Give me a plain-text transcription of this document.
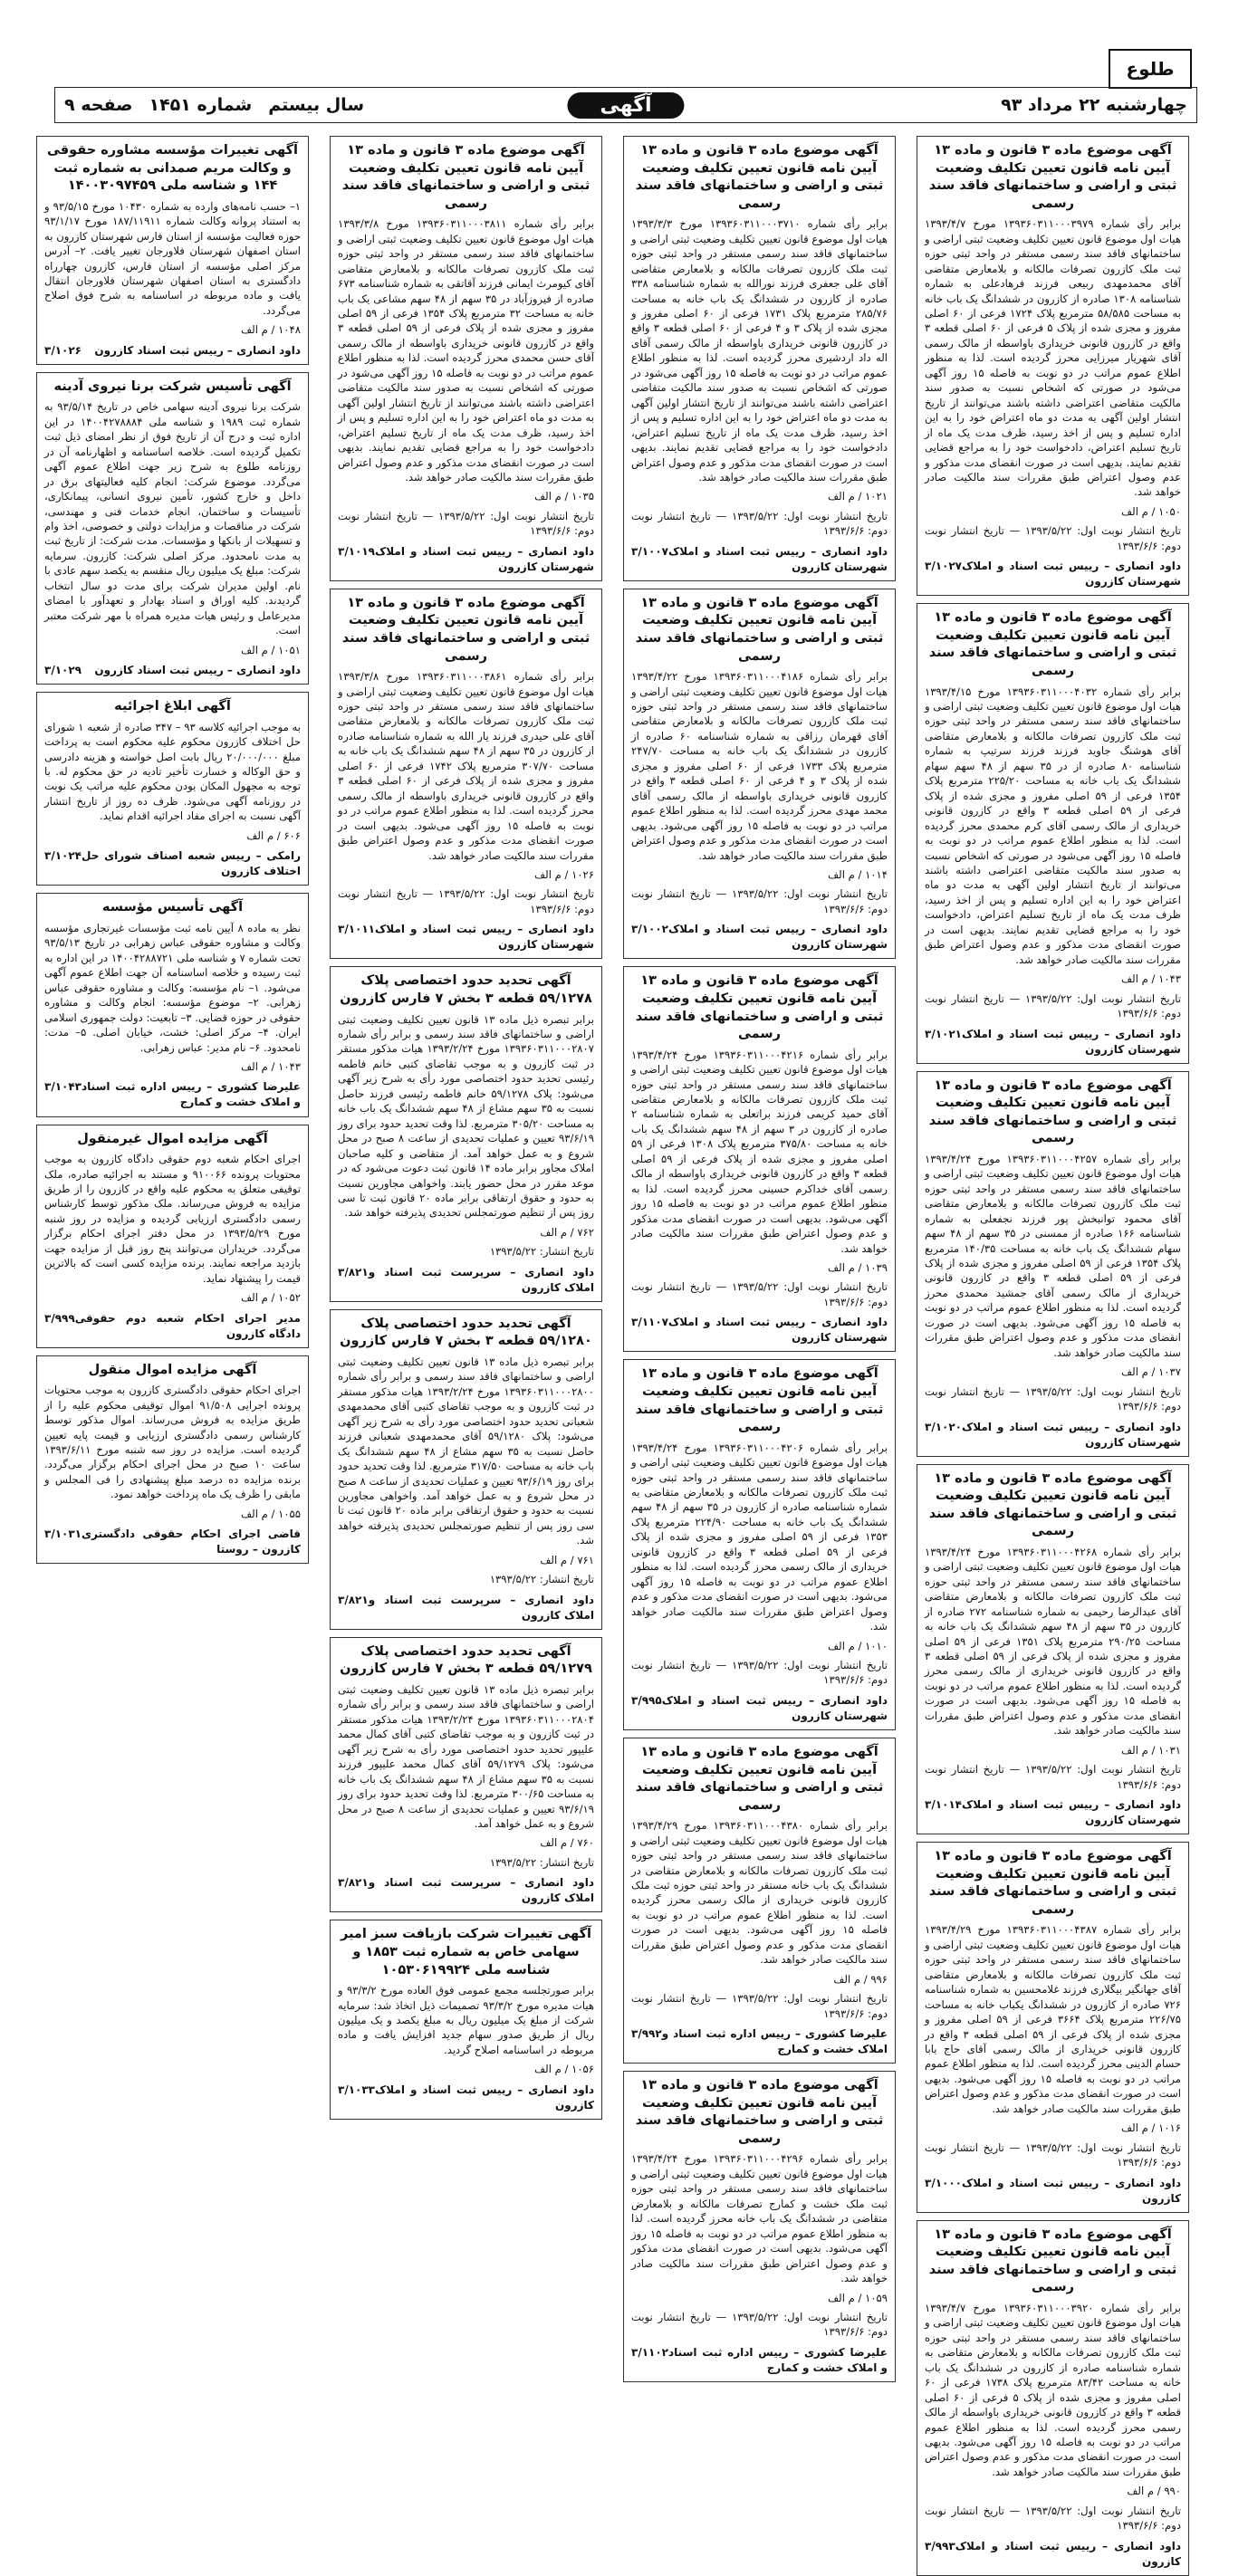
طلوع
چهارشنبه ۲۲ مرداد ۹۳
آگهی
سال بیستم
شماره ۱۴۵۱
صفحه ۹
آگهی موضوع ماده ۳ قانون و ماده ۱۳ آیین نامه قانون تعیین تکلیف وضعیت ثبتی و اراضی و ساختمانهای فاقد سند رسمی
برابر رأی شماره ۱۳۹۳۶۰۳۱۱۰۰۰۳۹۷۹ مورخ ۱۳۹۳/۴/۷ هیات اول موضوع قانون تعیین تکلیف وضعیت ثبتی اراضی و ساختمانهای فاقد سند رسمی مستقر در واحد ثبتی حوزه ثبت ملک کازرون تصرفات مالکانه و بلامعارض متقاضی آقای محمدمهدی ربیعی فرزند فرهادعلی به شماره شناسنامه ۱۳۰۸ صادره از کازرون در ششدانگ یک باب خانه به مساحت ۵۸/۵۸۵ مترمربع پلاک ۱۷۲۴ فرعی از ۶۰ اصلی مفروز و مجزی شده از پلاک ۵ فرعی از ۶۰ اصلی قطعه ۳ واقع در کازرون قانونی خریداری باواسطه از مالک رسمی آقای شهریار میرزایی محرز گردیده است. لذا به منظور اطلاع عموم مراتب در دو نوبت به فاصله ۱۵ روز آگهی می‌شود در صورتی که اشخاص نسبت به صدور سند مالکیت متقاضی اعتراضی داشته باشند می‌توانند از تاریخ انتشار اولین آگهی به مدت دو ماه اعتراض خود را به این اداره تسلیم و پس از اخذ رسید، ظرف مدت یک ماه از تاریخ تسلیم اعتراض، دادخواست خود را به مراجع قضایی تقدیم نمایند. بدیهی است در صورت انقضای مدت مذکور و عدم وصول اعتراض طبق مقررات سند مالکیت صادر خواهد شد.
۱۰۵۰ / م الف
تاریخ انتشار نوبت اول: ۱۳۹۳/۵/۲۲ — تاریخ انتشار نوبت دوم: ۱۳۹۳/۶/۶
داود انصاری – رییس ثبت اسناد و املاک شهرستان کازرون
۳/۱۰۲۷
آگهی موضوع ماده ۳ قانون و ماده ۱۳ آیین نامه قانون تعیین تکلیف وضعیت ثبتی و اراضی و ساختمانهای فاقد سند رسمی
برابر رأی شماره ۱۳۹۳۶۰۳۱۱۰۰۰۴۰۳۲ مورخ ۱۳۹۳/۴/۱۵ هیات اول موضوع قانون تعیین تکلیف وضعیت ثبتی اراضی و ساختمانهای فاقد سند رسمی مستقر در واحد ثبتی حوزه ثبت ملک کازرون تصرفات مالکانه و بلامعارض متقاضی آقای هوشنگ جاوید فرزند فرزند سرتیپ به شماره شناسنامه ۸۰ صادره از در ۳۵ سهم از ۴۸ سهم سهام ششدانگ یک باب خانه به مساحت ۲۲۵/۲۰ مترمربع پلاک ۱۳۵۴ فرعی از ۵۹ اصلی مفروز و مجزی شده از پلاک فرعی از ۵۹ اصلی قطعه ۳ واقع در کازرون قانونی خریداری از مالک رسمی آقای کرم محمدی محرز گردیده است. لذا به منظور اطلاع عموم مراتب در دو نوبت به فاصله ۱۵ روز آگهی می‌شود در صورتی که اشخاص نسبت به صدور سند مالکیت متقاضی اعتراضی داشته باشند می‌توانند از تاریخ انتشار اولین آگهی به مدت دو ماه اعتراض خود را به این اداره تسلیم و پس از اخذ رسید، ظرف مدت یک ماه از تاریخ تسلیم اعتراض، دادخواست خود را به مراجع قضایی تقدیم نمایند. بدیهی است در صورت انقضای مدت مذکور و عدم وصول اعتراض طبق مقررات سند مالکیت صادر خواهد شد.
۱۰۴۳ / م الف
تاریخ انتشار نوبت اول: ۱۳۹۳/۵/۲۲ — تاریخ انتشار نوبت دوم: ۱۳۹۳/۶/۶
داود انصاری – رییس ثبت اسناد و املاک شهرستان کازرون
۳/۱۰۲۱
آگهی موضوع ماده ۳ قانون و ماده ۱۳ آیین نامه قانون تعیین تکلیف وضعیت ثبتی و اراضی و ساختمانهای فاقد سند رسمی
برابر رأی شماره ۱۳۹۳۶۰۳۱۱۰۰۰۴۲۵۷ مورخ ۱۳۹۳/۴/۲۴ هیات اول موضوع قانون تعیین تکلیف وضعیت ثبتی اراضی و ساختمانهای فاقد سند رسمی مستقر در واحد ثبتی حوزه ثبت ملک کازرون تصرفات مالکانه و بلامعارض متقاضی آقای محمود توانبخش پور فرزند نجفعلی به شماره شناسنامه ۱۶۶ صادره از ممسنی در ۳۵ سهم از ۴۸ سهم سهام ششدانگ یک باب خانه به مساحت ۱۴۰/۳۵ مترمربع پلاک ۱۳۵۴ فرعی از ۵۹ اصلی مفروز و مجزی شده از پلاک فرعی از ۵۹ اصلی قطعه ۳ واقع در کازرون قانونی خریداری از مالک رسمی آقای جمشید محمدی محرز گردیده است. لذا به منظور اطلاع عموم مراتب در دو نوبت به فاصله ۱۵ روز آگهی می‌شود. بدیهی است در صورت انقضای مدت مذکور و عدم وصول اعتراض طبق مقررات سند مالکیت صادر خواهد شد.
۱۰۳۷ / م الف
تاریخ انتشار نوبت اول: ۱۳۹۳/۵/۲۲ — تاریخ انتشار نوبت دوم: ۱۳۹۳/۶/۶
داود انصاری – رییس ثبت اسناد و املاک شهرستان کازرون
۳/۱۰۲۰
آگهی موضوع ماده ۳ قانون و ماده ۱۳ آیین نامه قانون تعیین تکلیف وضعیت ثبتی و اراضی و ساختمانهای فاقد سند رسمی
برابر رأی شماره ۱۳۹۳۶۰۳۱۱۰۰۰۴۲۶۸ مورخ ۱۳۹۳/۴/۲۴ هیات اول موضوع قانون تعیین تکلیف وضعیت ثبتی اراضی و ساختمانهای فاقد سند رسمی مستقر در واحد ثبتی حوزه ثبت ملک کازرون تصرفات مالکانه و بلامعارض متقاضی آقای عبدالرضا رحیمی به شماره شناسنامه ۲۷۲ صادره از کازرون در ۳۵ سهم از ۴۸ سهم ششدانگ یک باب خانه به مساحت ۲۹۰/۲۵ مترمربع پلاک ۱۳۵۱ فرعی از ۵۹ اصلی مفروز و مجزی شده از پلاک فرعی از ۵۹ اصلی قطعه ۳ واقع در کازرون قانونی خریداری از مالک رسمی محرز گردیده است. لذا به منظور اطلاع عموم مراتب در دو نوبت به فاصله ۱۵ روز آگهی می‌شود. بدیهی است در صورت انقضای مدت مذکور و عدم وصول اعتراض طبق مقررات سند مالکیت صادر خواهد شد.
۱۰۳۱ / م الف
تاریخ انتشار نوبت اول: ۱۳۹۳/۵/۲۲ — تاریخ انتشار نوبت دوم: ۱۳۹۳/۶/۶
داود انصاری – رییس ثبت اسناد و املاک شهرستان کازرون
۳/۱۰۱۴
آگهی موضوع ماده ۳ قانون و ماده ۱۳ آیین نامه قانون تعیین تکلیف وضعیت ثبتی و اراضی و ساختمانهای فاقد سند رسمی
برابر رأی شماره ۱۳۹۳۶۰۳۱۱۰۰۰۴۳۸۷ مورخ ۱۳۹۳/۴/۲۹ هیات اول موضوع قانون تعیین تکلیف وضعیت ثبتی اراضی و ساختمانهای فاقد سند رسمی مستقر در واحد ثبتی حوزه ثبت ملک کازرون تصرفات مالکانه و بلامعارض متقاضی آقای جهانگیر بیگلاری فرزند غلامحسین به شماره شناسنامه ۷۲۶ صادره از کازرون در ششدانگ یکباب خانه به مساحت ۲۲۶/۷۵ مترمربع پلاک ۳۶۶۴ فرعی از ۵۹ اصلی مفروز و مجزی شده از پلاک فرعی از ۵۹ اصلی قطعه ۳ واقع در کازرون قانونی خریداری از مالک رسمی آقای حاج بابا حسام الدینی محرز گردیده است. لذا به منظور اطلاع عموم مراتب در دو نوبت به فاصله ۱۵ روز آگهی می‌شود. بدیهی است در صورت انقضای مدت مذکور و عدم وصول اعتراض طبق مقررات سند مالکیت صادر خواهد شد.
۱۰۱۶ / م الف
تاریخ انتشار نوبت اول: ۱۳۹۳/۵/۲۲ — تاریخ انتشار نوبت دوم: ۱۳۹۳/۶/۶
داود انصاری – رییس ثبت اسناد و املاک کازرون
۳/۱۰۰۰
آگهی موضوع ماده ۳ قانون و ماده ۱۳ آیین نامه قانون تعیین تکلیف وضعیت ثبتی و اراضی و ساختمانهای فاقد سند رسمی
برابر رأی شماره ۱۳۹۳۶۰۳۱۱۰۰۰۳۹۲۰ مورخ ۱۳۹۳/۴/۷ هیات اول موضوع قانون تعیین تکلیف وضعیت ثبتی اراضی و ساختمانهای فاقد سند رسمی مستقر در واحد ثبتی حوزه ثبت ملک کازرون تصرفات مالکانه و بلامعارض متقاضی به شماره شناسنامه صادره از کازرون در ششدانگ یک باب خانه به مساحت ۸۳/۴۲ مترمربع پلاک ۱۷۳۸ فرعی از ۶۰ اصلی مفروز و مجزی شده از پلاک ۵ فرعی از ۶۰ اصلی قطعه ۳ واقع در کازرون قانونی خریداری باواسطه از مالک رسمی محرز گردیده است. لذا به منظور اطلاع عموم مراتب در دو نوبت به فاصله ۱۵ روز آگهی می‌شود. بدیهی است در صورت انقضای مدت مذکور و عدم وصول اعتراض طبق مقررات سند مالکیت صادر خواهد شد.
۹۹۰ / م الف
تاریخ انتشار نوبت اول: ۱۳۹۳/۵/۲۲ — تاریخ انتشار نوبت دوم: ۱۳۹۳/۶/۶
داود انصاری – رییس ثبت اسناد و املاک کازرون
۳/۹۹۳
آگهی موضوع ماده ۳ قانون و ماده ۱۳ آیین نامه قانون تعیین تکلیف وضعیت ثبتی و اراضی و ساختمانهای فاقد سند رسمی
برابر رأی شماره ۱۳۹۳۶۰۳۱۱۰۰۰۳۷۱۰ مورخ ۱۳۹۳/۳/۳ هیات اول موضوع قانون تعیین تکلیف وضعیت ثبتی اراضی و ساختمانهای فاقد سند رسمی مستقر در واحد ثبتی حوزه ثبت ملک کازرون تصرفات مالکانه و بلامعارض متقاضی آقای علی جعفری فرزند نورالله به شماره شناسنامه ۳۳۸ صادره از کازرون در ششدانگ یک باب خانه به مساحت ۲۸۵/۷۶ مترمربع پلاک ۱۷۳۱ فرعی از ۶۰ اصلی مفروز و مجزی شده از پلاک ۳ و ۴ فرعی از ۶۰ اصلی قطعه ۳ واقع در کازرون قانونی خریداری باواسطه از مالک رسمی آقای اله داد اردشیری محرز گردیده است. لذا به منظور اطلاع عموم مراتب در دو نوبت به فاصله ۱۵ روز آگهی می‌شود در صورتی که اشخاص نسبت به صدور سند مالکیت متقاضی اعتراضی داشته باشند می‌توانند از تاریخ انتشار اولین آگهی به مدت دو ماه اعتراض خود را به این اداره تسلیم و پس از اخذ رسید، ظرف مدت یک ماه از تاریخ تسلیم اعتراض، دادخواست خود را به مراجع قضایی تقدیم نمایند. بدیهی است در صورت انقضای مدت مذکور و عدم وصول اعتراض طبق مقررات سند مالکیت صادر خواهد شد.
۱۰۲۱ / م الف
تاریخ انتشار نوبت اول: ۱۳۹۳/۵/۲۲ — تاریخ انتشار نوبت دوم: ۱۳۹۳/۶/۶
داود انصاری – رییس ثبت اسناد و املاک شهرستان کازرون
۳/۱۰۰۷
آگهی موضوع ماده ۳ قانون و ماده ۱۳ آیین نامه قانون تعیین تکلیف وضعیت ثبتی و اراضی و ساختمانهای فاقد سند رسمی
برابر رأی شماره ۱۳۹۳۶۰۳۱۱۰۰۰۴۱۸۶ مورخ ۱۳۹۳/۴/۲۲ هیات اول موضوع قانون تعیین تکلیف وضعیت ثبتی اراضی و ساختمانهای فاقد سند رسمی مستقر در واحد ثبتی حوزه ثبت ملک کازرون تصرفات مالکانه و بلامعارض متقاضی آقای قهرمان رزاقی به شماره شناسنامه ۶۰ صادره از کازرون در ششدانگ یک باب خانه به مساحت ۲۴۷/۷۰ مترمربع پلاک ۱۷۳۳ فرعی از ۶۰ اصلی مفروز و مجزی شده از پلاک ۳ و ۴ فرعی از ۶۰ اصلی قطعه ۳ واقع در کازرون قانونی خریداری باواسطه از مالک رسمی آقای محمد مهدی محرز گردیده است. لذا به منظور اطلاع عموم مراتب در دو نوبت به فاصله ۱۵ روز آگهی می‌شود. بدیهی است در صورت انقضای مدت مذکور و عدم وصول اعتراض طبق مقررات سند مالکیت صادر خواهد شد.
۱۰۱۴ / م الف
تاریخ انتشار نوبت اول: ۱۳۹۳/۵/۲۲ — تاریخ انتشار نوبت دوم: ۱۳۹۳/۶/۶
داود انصاری – رییس ثبت اسناد و املاک شهرستان کازرون
۳/۱۰۰۲
آگهی موضوع ماده ۳ قانون و ماده ۱۳ آیین نامه قانون تعیین تکلیف وضعیت ثبتی و اراضی و ساختمانهای فاقد سند رسمی
برابر رأی شماره ۱۳۹۳۶۰۳۱۱۰۰۰۴۲۱۶ مورخ ۱۳۹۳/۴/۲۴ هیات اول موضوع قانون تعیین تکلیف وضعیت ثبتی اراضی و ساختمانهای فاقد سند رسمی مستقر در واحد ثبتی حوزه ثبت ملک کازرون تصرفات مالکانه و بلامعارض متقاضی آقای حمید کریمی فرزند براتعلی به شماره شناسنامه ۲ صادره از کازرون در ۳ سهم از ۴۸ سهم ششدانگ یک باب خانه به مساحت ۳۷۵/۸۰ مترمربع پلاک ۱۳۰۸ فرعی از ۵۹ اصلی مفروز و مجزی شده از پلاک فرعی از ۵۹ اصلی قطعه ۳ واقع در کازرون قانونی خریداری باواسطه از مالک رسمی آقای خداکرم حسینی محرز گردیده است. لذا به منظور اطلاع عموم مراتب در دو نوبت به فاصله ۱۵ روز آگهی می‌شود. بدیهی است در صورت انقضای مدت مذکور و عدم وصول اعتراض طبق مقررات سند مالکیت صادر خواهد شد.
۱۰۳۹ / م الف
تاریخ انتشار نوبت اول: ۱۳۹۳/۵/۲۲ — تاریخ انتشار نوبت دوم: ۱۳۹۳/۶/۶
داود انصاری – رییس ثبت اسناد و املاک شهرستان کازرون
۳/۱۱۰۷
آگهی موضوع ماده ۳ قانون و ماده ۱۳ آیین نامه قانون تعیین تکلیف وضعیت ثبتی و اراضی و ساختمانهای فاقد سند رسمی
برابر رأی شماره ۱۳۹۳۶۰۳۱۱۰۰۰۴۲۰۶ مورخ ۱۳۹۳/۴/۲۴ هیات اول موضوع قانون تعیین تکلیف وضعیت ثبتی اراضی و ساختمانهای فاقد سند رسمی مستقر در واحد ثبتی حوزه ثبت ملک کازرون تصرفات مالکانه و بلامعارض متقاضی به شماره شناسنامه صادره از کازرون در ۳۵ سهم از ۴۸ سهم ششدانگ یک باب خانه به مساحت ۲۲۴/۹۰ مترمربع پلاک ۱۳۵۳ فرعی از ۵۹ اصلی مفروز و مجزی شده از پلاک فرعی از ۵۹ اصلی قطعه ۳ واقع در کازرون قانونی خریداری از مالک رسمی محرز گردیده است. لذا به منظور اطلاع عموم مراتب در دو نوبت به فاصله ۱۵ روز آگهی می‌شود. بدیهی است در صورت انقضای مدت مذکور و عدم وصول اعتراض طبق مقررات سند مالکیت صادر خواهد شد.
۱۰۱۰ / م الف
تاریخ انتشار نوبت اول: ۱۳۹۳/۵/۲۲ — تاریخ انتشار نوبت دوم: ۱۳۹۳/۶/۶
داود انصاری – رییس ثبت اسناد و املاک شهرستان کازرون
۳/۹۹۵
آگهی موضوع ماده ۳ قانون و ماده ۱۳ آیین نامه قانون تعیین تکلیف وضعیت ثبتی و اراضی و ساختمانهای فاقد سند رسمی
برابر رأی شماره ۱۳۹۳۶۰۳۱۱۰۰۰۴۳۸۰ مورخ ۱۳۹۳/۴/۲۹ هیات اول موضوع قانون تعیین تکلیف وضعیت ثبتی اراضی و ساختمانهای فاقد سند رسمی مستقر در واحد ثبتی حوزه ثبت ملک کازرون تصرفات مالکانه و بلامعارض متقاضی در ششدانگ یک باب خانه مستقر در واحد ثبتی حوزه ثبت ملک کازرون قانونی خریداری از مالک رسمی محرز گردیده است. لذا به منظور اطلاع عموم مراتب در دو نوبت به فاصله ۱۵ روز آگهی می‌شود. بدیهی است در صورت انقضای مدت مذکور و عدم وصول اعتراض طبق مقررات سند مالکیت صادر خواهد شد.
۹۹۶ / م الف
تاریخ انتشار نوبت اول: ۱۳۹۳/۵/۲۲ — تاریخ انتشار نوبت دوم: ۱۳۹۳/۶/۶
علیرضا کشوری – رییس اداره ثبت اسناد و املاک خشت و کمارج
۳/۹۹۲
آگهی موضوع ماده ۳ قانون و ماده ۱۳ آیین نامه قانون تعیین تکلیف وضعیت ثبتی و اراضی و ساختمانهای فاقد سند رسمی
برابر رأی شماره ۱۳۹۳۶۰۳۱۱۰۰۰۴۲۹۶ مورخ ۱۳۹۳/۴/۲۴ هیات اول موضوع قانون تعیین تکلیف وضعیت ثبتی اراضی و ساختمانهای فاقد سند رسمی مستقر در واحد ثبتی حوزه ثبت ملک خشت و کمارج تصرفات مالکانه و بلامعارض متقاضی در ششدانگ یک باب خانه محرز گردیده است. لذا به منظور اطلاع عموم مراتب در دو نوبت به فاصله ۱۵ روز آگهی می‌شود. بدیهی است در صورت انقضای مدت مذکور و عدم وصول اعتراض طبق مقررات سند مالکیت صادر خواهد شد.
۱۰۵۹ / م الف
تاریخ انتشار نوبت اول: ۱۳۹۳/۵/۲۲ — تاریخ انتشار نوبت دوم: ۱۳۹۳/۶/۶
علیرضا کشوری – رییس اداره ثبت اسناد و املاک خشت و کمارج
۳/۱۱۰۲
آگهی موضوع ماده ۳ قانون و ماده ۱۳ آیین نامه قانون تعیین تکلیف وضعیت ثبتی و اراضی و ساختمانهای فاقد سند رسمی
برابر رأی شماره ۱۳۹۳۶۰۳۱۱۰۰۰۳۸۱۱ مورخ ۱۳۹۳/۳/۸ هیات اول موضوع قانون تعیین تکلیف وضعیت ثبتی اراضی و ساختمانهای فاقد سند رسمی مستقر در واحد ثبتی حوزه ثبت ملک کازرون تصرفات مالکانه و بلامعارض متقاضی آقای کیومرث ایمانی فرزند آقاتقی به شماره شناسنامه ۶۷۳ صادره از فیروزآباد در ۳۵ سهم از ۴۸ سهم مشاعی یک باب خانه به مساحت ۳۲ مترمربع پلاک ۱۳۵۴ فرعی از ۵۹ اصلی مفروز و مجزی شده از پلاک فرعی از ۵۹ اصلی قطعه ۳ واقع در کازرون قانونی خریداری باواسطه از مالک رسمی آقای حسن محمدی محرز گردیده است. لذا به منظور اطلاع عموم مراتب در دو نوبت به فاصله ۱۵ روز آگهی می‌شود در صورتی که اشخاص نسبت به صدور سند مالکیت متقاضی اعتراضی داشته باشند می‌توانند از تاریخ انتشار اولین آگهی به مدت دو ماه اعتراض خود را به این اداره تسلیم و پس از اخذ رسید، ظرف مدت یک ماه از تاریخ تسلیم اعتراض، دادخواست خود را به مراجع قضایی تقدیم نمایند. بدیهی است در صورت انقضای مدت مذکور و عدم وصول اعتراض طبق مقررات سند مالکیت صادر خواهد شد.
۱۰۳۵ / م الف
تاریخ انتشار نوبت اول: ۱۳۹۳/۵/۲۲ — تاریخ انتشار نوبت دوم: ۱۳۹۳/۶/۶
داود انصاری – رییس ثبت اسناد و املاک شهرستان کازرون
۳/۱۰۱۹
آگهی موضوع ماده ۳ قانون و ماده ۱۳ آیین نامه قانون تعیین تکلیف وضعیت ثبتی و اراضی و ساختمانهای فاقد سند رسمی
برابر رأی شماره ۱۳۹۳۶۰۳۱۱۰۰۰۳۸۶۱ مورخ ۱۳۹۳/۳/۸ هیات اول موضوع قانون تعیین تکلیف وضعیت ثبتی اراضی و ساختمانهای فاقد سند رسمی مستقر در واحد ثبتی حوزه ثبت ملک کازرون تصرفات مالکانه و بلامعارض متقاضی آقای علی حیدری فرزند یار الله به شماره شناسنامه صادره از کازرون در ۳۵ سهم از ۴۸ سهم ششدانگ یک باب خانه به مساحت ۳۰۷/۷۰ مترمربع پلاک ۱۷۴۲ فرعی از ۶۰ اصلی مفروز و مجزی شده از پلاک فرعی از ۶۰ اصلی قطعه ۳ واقع در کازرون قانونی خریداری باواسطه از مالک رسمی محرز گردیده است. لذا به منظور اطلاع عموم مراتب در دو نوبت به فاصله ۱۵ روز آگهی می‌شود. بدیهی است در صورت انقضای مدت مذکور و عدم وصول اعتراض طبق مقررات سند مالکیت صادر خواهد شد.
۱۰۲۶ / م الف
تاریخ انتشار نوبت اول: ۱۳۹۳/۵/۲۲ — تاریخ انتشار نوبت دوم: ۱۳۹۳/۶/۶
داود انصاری – رییس ثبت اسناد و املاک شهرستان کازرون
۳/۱۰۱۱
آگهی تحدید حدود اختصاصی پلاک ۵۹/۱۲۷۸ قطعه ۳ بخش ۷ فارس کازرون
برابر تبصره ذیل ماده ۱۳ قانون تعیین تکلیف وضعیت ثبتی اراضی و ساختمانهای فاقد سند رسمی و برابر رأی شماره ۱۳۹۳۶۰۳۱۱۰۰۰۲۸۰۷ مورخ ۱۳۹۳/۲/۲۴ هیات مذکور مستقر در ثبت کازرون و به موجب تقاضای کتبی خانم فاطمه رئیسی تحدید حدود اختصاصی مورد رأی به شرح زیر آگهی می‌شود: پلاک ۵۹/۱۲۷۸ خانم فاطمه رئیسی فرزند حاصل نسبت به ۳۵ سهم مشاع از ۴۸ سهم ششدانگ یک باب خانه به مساحت ۳۰۵/۲۰ مترمربع. لذا وقت تحدید حدود برای روز ۹۳/۶/۱۹ تعیین و عملیات تحدیدی از ساعت ۸ صبح در محل شروع و به عمل خواهد آمد. از متقاضی و کلیه صاحبان املاک مجاور برابر ماده ۱۴ قانون ثبت دعوت می‌شود که در موعد مقرر در محل حضور یابند. واخواهی مجاورین نسبت به حدود و حقوق ارتفاقی برابر ماده ۲۰ قانون ثبت تا سی روز پس از تنظیم صورتمجلس تحدیدی پذیرفته خواهد شد.
۷۶۲ / م الف
تاریخ انتشار: ۱۳۹۳/۵/۲۲
داود انصاری – سرپرست ثبت اسناد و املاک کازرون
۳/۸۲۱
آگهی تحدید حدود اختصاصی پلاک ۵۹/۱۲۸۰ قطعه ۳ بخش ۷ فارس کازرون
برابر تبصره ذیل ماده ۱۳ قانون تعیین تکلیف وضعیت ثبتی اراضی و ساختمانهای فاقد سند رسمی و برابر رأی شماره ۱۳۹۳۶۰۳۱۱۰۰۰۲۸۰۰ مورخ ۱۳۹۳/۲/۲۴ هیات مذکور مستقر در ثبت کازرون و به موجب تقاضای کتبی آقای محمدمهدی شعبانی تحدید حدود اختصاصی مورد رأی به شرح زیر آگهی می‌شود: پلاک ۵۹/۱۲۸۰ آقای محمدمهدی شعبانی فرزند حاصل نسبت به ۳۵ سهم مشاع از ۴۸ سهم ششدانگ یک باب خانه به مساحت ۳۱۷/۵۰ مترمربع. لذا وقت تحدید حدود برای روز ۹۳/۶/۱۹ تعیین و عملیات تحدیدی از ساعت ۸ صبح در محل شروع و به عمل خواهد آمد. واخواهی مجاورین نسبت به حدود و حقوق ارتفاقی برابر ماده ۲۰ قانون ثبت تا سی روز پس از تنظیم صورتمجلس تحدیدی پذیرفته خواهد شد.
۷۶۱ / م الف
تاریخ انتشار: ۱۳۹۳/۵/۲۲
داود انصاری – سرپرست ثبت اسناد و املاک کازرون
۳/۸۲۱
آگهی تحدید حدود اختصاصی پلاک ۵۹/۱۲۷۹ قطعه ۳ بخش ۷ فارس کازرون
برابر تبصره ذیل ماده ۱۳ قانون تعیین تکلیف وضعیت ثبتی اراضی و ساختمانهای فاقد سند رسمی و برابر رأی شماره ۱۳۹۳۶۰۳۱۱۰۰۰۲۸۰۴ مورخ ۱۳۹۳/۲/۲۴ هیات مذکور مستقر در ثبت کازرون و به موجب تقاضای کتبی آقای کمال محمد علیپور تحدید حدود اختصاصی مورد رأی به شرح زیر آگهی می‌شود: پلاک ۵۹/۱۲۷۹ آقای کمال محمد علیپور فرزند نسبت به ۳۵ سهم مشاع از ۴۸ سهم ششدانگ یک باب خانه به مساحت ۳۰۰/۶۵ مترمربع. لذا وقت تحدید حدود برای روز ۹۳/۶/۱۹ تعیین و عملیات تحدیدی از ساعت ۸ صبح در محل شروع و به عمل خواهد آمد.
۷۶۰ / م الف
تاریخ انتشار: ۱۳۹۳/۵/۲۲
داود انصاری – سرپرست ثبت اسناد و املاک کازرون
۳/۸۲۱
آگهی تغییرات شرکت بازیافت سبز امیر سهامی خاص به شماره ثبت ۱۸۵۳ و شناسه ملی ۱۰۵۳۰۶۱۹۹۲۴
برابر صورتجلسه مجمع عمومی فوق العاده مورخ ۹۳/۳/۲ و هیات مدیره مورخ ۹۳/۳/۲ تصمیمات ذیل اتخاذ شد: سرمایه شرکت از مبلغ یک میلیون ریال به مبلغ یکصد و یک میلیون ریال از طریق صدور سهام جدید افزایش یافت و ماده مربوطه در اساسنامه اصلاح گردید.
۱۰۵۶ / م الف
داود انصاری – رییس ثبت اسناد و املاک کازرون
۳/۱۰۳۳
آگهی تغییرات مؤسسه مشاوره حقوقی و وکالت مریم صمدانی به شماره ثبت ۱۴۴ و شناسه ملی ۱۴۰۰۳۰۹۷۴۵۹
۱– حسب نامه‌های وارده به شماره ۱۰۴۳۰ مورخ ۹۳/۵/۱۵ و به استناد پروانه وکالت شماره ۱۸۷/۱۱۹۱۱ مورخ ۹۳/۱/۱۷ حوزه فعالیت مؤسسه از استان فارس شهرستان کازرون به استان اصفهان شهرستان فلاورجان تغییر یافت. ۲– آدرس مرکز اصلی مؤسسه از استان فارس، کازرون چهارراه دادگستری به استان اصفهان شهرستان فلاورجان انتقال یافت و ماده مربوطه در اساسنامه به شرح فوق اصلاح می‌گردد.
۱۰۴۸ / م الف
داود انصاری – رییس ثبت اسناد کازرون
۳/۱۰۲۶
آگهی تأسیس شرکت برنا نیروی آدینه
شرکت برنا نیروی آدینه سهامی خاص در تاریخ ۹۳/۵/۱۴ به شماره ثبت ۱۹۸۹ و شناسه ملی ۱۴۰۰۴۲۷۸۸۸۴ در این اداره ثبت و درج آن از تاریخ فوق از نظر امضای ذیل ثبت تکمیل گردیده است. خلاصه اساسنامه و اظهارنامه آن در روزنامه طلوع به شرح زیر جهت اطلاع عموم آگهی می‌گردد. موضوع شرکت: انجام کلیه فعالیتهای برق در داخل و خارج کشور، تأمین نیروی انسانی، پیمانکاری، تأسیسات و ساختمان، انجام خدمات فنی و مهندسی، شرکت در مناقصات و مزایدات دولتی و خصوصی، اخذ وام و تسهیلات از بانکها و مؤسسات. مدت شرکت: از تاریخ ثبت به مدت نامحدود. مرکز اصلی شرکت: کازرون. سرمایه شرکت: مبلغ یک میلیون ریال منقسم به یکصد سهم عادی با نام. اولین مدیران شرکت برای مدت دو سال انتخاب گردیدند. کلیه اوراق و اسناد بهادار و تعهدآور با امضای مدیرعامل و رئیس هیات مدیره همراه با مهر شرکت معتبر است.
۱۰۵۱ / م الف
داود انصاری – رییس ثبت اسناد کازرون
۳/۱۰۲۹
آگهی ابلاغ اجرائیه
به موجب اجرائیه کلاسه ۹۳ – ۳۴۷ صادره از شعبه ۱ شورای حل اختلاف کازرون محکوم علیه محکوم است به پرداخت مبلغ ۲۰/۰۰۰/۰۰۰ ریال بابت اصل خواسته و هزینه دادرسی و حق الوکاله و خسارت تأخیر تادیه در حق محکوم له. با توجه به مجهول المکان بودن محکوم علیه مراتب یک نوبت در روزنامه آگهی می‌شود. ظرف ده روز از تاریخ انتشار آگهی نسبت به اجرای مفاد اجرائیه اقدام نماید.
۶۰۶ / م الف
رامکی – رییس شعبه اصناف شورای حل اختلاف کازرون
۳/۱۰۲۴
آگهی تأسیس مؤسسه
نظر به ماده ۸ آیین نامه ثبت مؤسسات غیرتجاری مؤسسه وکالت و مشاوره حقوقی عباس زهرابی در تاریخ ۹۳/۵/۱۳ تحت شماره ۷ و شناسه ملی ۱۴۰۰۴۲۸۸۷۲۱ در این اداره به ثبت رسیده و خلاصه اساسنامه آن جهت اطلاع عموم آگهی می‌شود. ۱– نام مؤسسه: وکالت و مشاوره حقوقی عباس زهرابی. ۲– موضوع مؤسسه: انجام وکالت و مشاوره حقوقی در حوزه قضایی. ۳– تابعیت: دولت جمهوری اسلامی ایران. ۴– مرکز اصلی: خشت، خیابان اصلی. ۵– مدت: نامحدود. ۶– نام مدیر: عباس زهرابی.
۱۰۴۳ / م الف
علیرضا کشوری – رییس اداره ثبت اسناد و املاک خشت و کمارج
۳/۱۰۴۳
آگهی مزایده اموال غیرمنقول
اجرای احکام شعبه دوم حقوقی دادگاه کازرون به موجب محتویات پرونده ۹۱۰۰۶۶ و مستند به اجرائیه صادره، ملک توقیفی متعلق به محکوم علیه واقع در کازرون را از طریق مزایده به فروش می‌رساند. ملک مذکور توسط کارشناس رسمی دادگستری ارزیابی گردیده و مزایده در روز شنبه مورخ ۱۳۹۳/۵/۲۹ در محل دفتر اجرای احکام برگزار می‌گردد. خریداران می‌توانند پنج روز قبل از مزایده جهت بازدید مراجعه نمایند. برنده مزایده کسی است که بالاترین قیمت را پیشنهاد نماید.
۱۰۵۲ / م الف
مدیر اجرای احکام شعبه دوم حقوقی دادگاه کازرون
۳/۹۹۹
آگهی مزایده اموال منقول
اجرای احکام حقوقی دادگستری کازرون به موجب محتویات پرونده اجرایی ۹۱/۵۰۸ اموال توقیفی محکوم علیه را از طریق مزایده به فروش می‌رساند. اموال مذکور توسط کارشناس رسمی دادگستری ارزیابی و قیمت پایه تعیین گردیده است. مزایده در روز سه شنبه مورخ ۱۳۹۳/۶/۱۱ ساعت ۱۰ صبح در محل اجرای احکام برگزار می‌گردد. برنده مزایده ده درصد مبلغ پیشنهادی را فی المجلس و مابقی را ظرف یک ماه پرداخت خواهد نمود.
۱۰۵۵ / م الف
قاضی اجرای احکام حقوقی دادگستری کازرون – روستا
۳/۱۰۳۱
